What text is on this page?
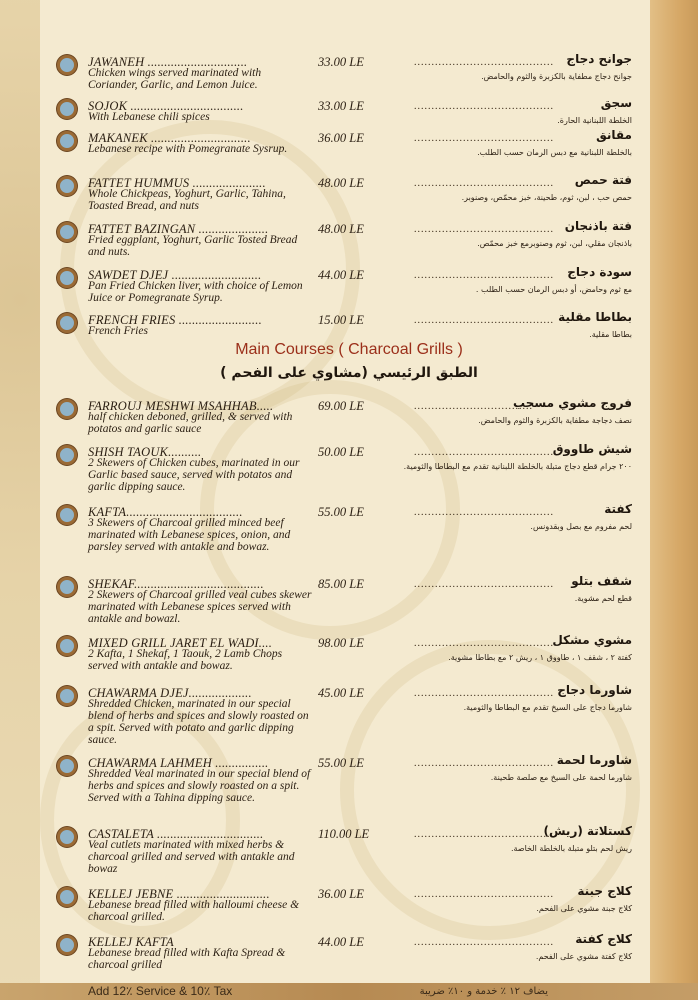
JAWANEH ..............................
Chicken wings served marinated with Coriander, Garlic, and Lemon Juice.
33.00 LE	........................................ جوانح دجاج
جوانح دجاج مطفاية بالكزبرة والثوم والحامض.
SOJOK ..................................
With Lebanese chili spices
33.00 LE	........................................	سجق
الخلطة اللبنانية الحارة.
MAKANEK ..............................
Lebanese recipe with Pomegranate Sysrup.
36.00 LE	........................................	مقانق
بالخلطة اللبنانية مع دبس الرمان حسب الطلب.
FATTET HUMMUS ......................
Whole Chickpeas, Yoghurt, Garlic, Tahina, Toasted Bread, and nuts
48.00 LE	........................................ فتة حمص
حمص حب ، لبن، ثوم، طحينة، خبز محمّص، وصنوبر.
FATTET BAZINGAN .....................
Fried eggplant, Yoghurt, Garlic Tosted Bread and nuts.
48.00 LE	........................................ فتة باذنجان
باذنجان مقلي، لبن، ثوم وصنوبرمع خبز محمّص.
SAWDET DJEJ ...........................
Pan Fried Chicken liver, with choice of Lemon Juice or Pomegranate Syrup.
44.00 LE	........................................ سودة دجاج
مع ثوم وحامض، أو دبس الرمان حسب الطلب .
FRENCH FRIES .........................
French Fries
15.00 LE	........................................ بطاطا مقلية
بطاطا مقلية.
FARROUJ MESHWI MSAHHAB.....
half chicken deboned, grilled, & served with potatos and garlic sauce
69.00 LE	..................................
فروج مشوي مسحب
نصف دجاجة مطفاية بالكزبرة والثوم والحامض.
SHISH TAOUK..........
2 Skewers of Chicken cubes, marinated in our Garlic based sauce, served with potatos and garlic dipping sauce.
50.00 LE	........................................
شيش طاووق
٢٠٠ جرام قطع دجاج متبلة بالخلطة اللبنانية تقدم مع البطاطا والثومية.
KAFTA...................................
3 Skewers of Charcoal grilled minced beef marinated with Lebanese spices, onion, and parsley served with antakle and bowaz.
55.00 LE	........................................	كفتة
لحم مفروم مع بصل وبقدونس.
SHEKAF.......................................
2 Skewers of Charcoal grilled veal cubes skewer marinated with Lebanese spices served with antakle and bowazl.
85.00 LE	........................................ شقف بتلو
قطع لحم مشوية.
MIXED GRILL JARET EL WADI....
2 Kafta, 1 Shekaf, 1 Taouk, 2 Lamb Chops served with antakle and bowaz.
98.00 LE	........................................
مشوي مشكل
كفتة ٢ ، شقف ١ ، طاووق ١ ، ريش ٢ مع بطاطا مشوية.
CHAWARMA DJEJ...................
Shredded Chicken, marinated in our special blend of herbs and spices and slowly roasted on a spit. Served with potato and garlic dipping sauce.
45.00 LE	........................................ شاورما دجاج
شاورما دجاج على السيخ تقدم مع البطاطا والثومية.
CHAWARMA LAHMEH ................
Shredded Veal marinated in our special blend of herbs and spices and slowly roasted on a spit. Served with a Tahina dipping sauce.
55.00 LE	........................................ شاورما لحمة
شاورما لحمة على السيخ مع صلصة طحينة.
CASTALETA ................................
Veal cutlets marinated with mixed herbs & charcoal grilled and served with antakle and bowaz
110.00 LE	........................................
كستلاتة (ريش)
ريش لحم بتلو متبلة بالخلطة الخاصة.
KELLEJ JEBNE ............................
Lebanese bread filled with halloumi cheese & charcoal grilled.
36.00 LE	........................................ كلاج جبنة
كلاج جبنة مشوي على الفحم.
KELLEJ KAFTA
Lebanese bread filled with Kafta Spread & charcoal grilled
44.00 LE	........................................ كلاج كفتة
كلاج كفتة مشوي على الفحم.
Main Courses ( Charcoal Grills )
الطبق الرئيسي (مشاوي على الفحم )
Add 12٪ Service & 10٪ Tax	يضاف ١٢ ٪ خدمة و ١٠٪ ضريبة
